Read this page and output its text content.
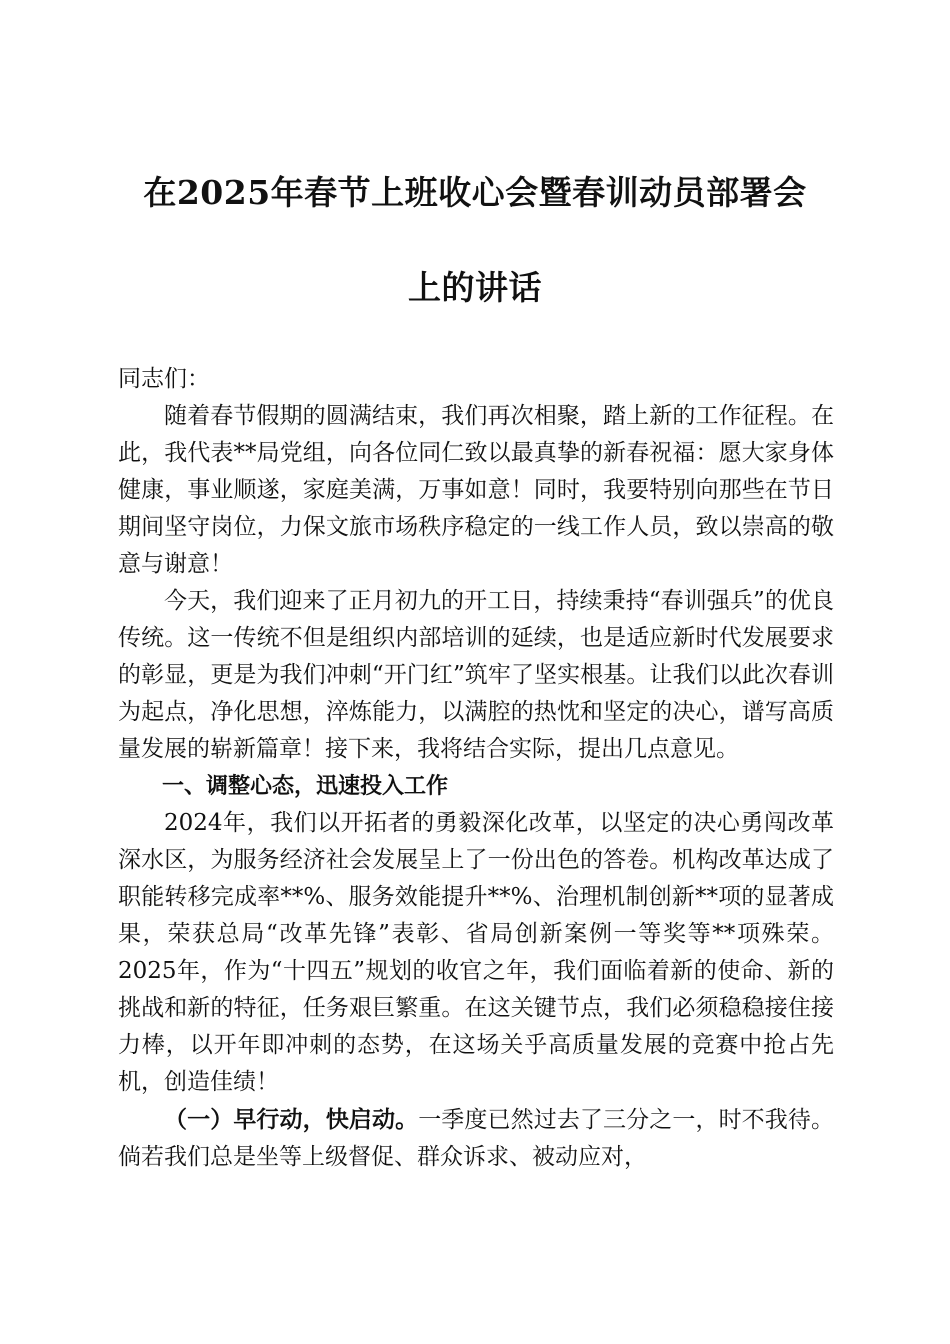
在2025年春节上班收心会暨春训动员部署会
上的讲话

同志们：

随着春节假期的圆满结束，我们再次相聚，踏上新的工作征程。在此，我代表**局党组，向各位同仁致以最真挚的新春祝福：愿大家身体健康，事业顺遂，家庭美满，万事如意！同时，我要特别向那些在节日期间坚守岗位，力保文旅市场秩序稳定的一线工作人员，致以崇高的敬意与谢意！

今天，我们迎来了正月初九的开工日，持续秉持“春训强兵”的优良传统。这一传统不但是组织内部培训的延续，也是适应新时代发展要求的彰显，更是为我们冲刺“开门红”筑牢了坚实根基。让我们以此次春训为起点，净化思想，淬炼能力，以满腔的热忱和坚定的决心，谱写高质量发展的崭新篇章！接下来，我将结合实际，提出几点意见。

一、调整心态，迅速投入工作

2024年，我们以开拓者的勇毅深化改革，以坚定的决心勇闯改革深水区，为服务经济社会发展呈上了一份出色的答卷。机构改革达成了职能转移完成率**%、服务效能提升**%、治理机制创新**项的显著成果，荣获总局“改革先锋”表彰、省局创新案例一等奖等**项殊荣。2025年，作为“十四五”规划的收官之年，我们面临着新的使命、新的挑战和新的特征，任务艰巨繁重。在这关键节点，我们必须稳稳接住接力棒，以开年即冲刺的态势，在这场关乎高质量发展的竞赛中抢占先机，创造佳绩！

（一）早行动，快启动。一季度已然过去了三分之一，时不我待。倘若我们总是坐等上级督促、群众诉求、被动应对，
